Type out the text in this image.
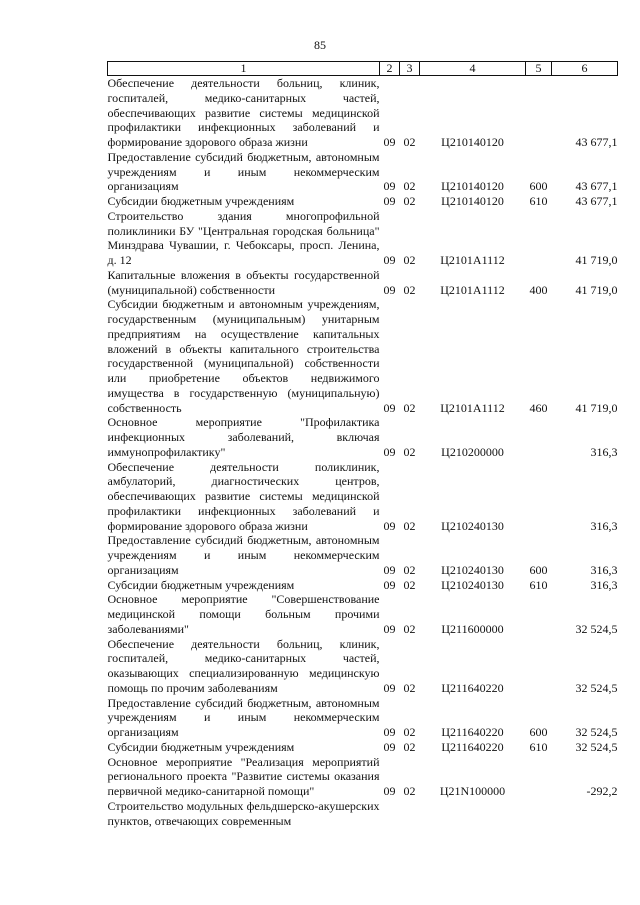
85
1	2	3	4	5	6
Обеспечение деятельности больниц, клиник, госпиталей, медико-санитарных частей, обеспечивающих развитие системы медицинской профилактики инфекционных заболеваний и формирование здорового образа жизни	09	02	Ц210140120		43 677,1
Предоставление субсидий бюджетным, автономным учреждениям и иным некоммерческим организациям	09	02	Ц210140120	600	43 677,1
Субсидии бюджетным учреждениям	09	02	Ц210140120	610	43 677,1
Строительство здания многопрофильной поликлиники БУ "Центральная городская больница" Минздрава Чувашии, г. Чебоксары, просп. Ленина, д. 12	09	02	Ц2101А1112		41 719,0
Капитальные вложения в объекты государственной (муниципальной) собственности	09	02	Ц2101А1112	400	41 719,0
Субсидии бюджетным и автономным учреждениям, государственным (муниципальным) унитарным предприятиям на осуществление капитальных вложений в объекты капитального строительства государственной (муниципальной) собственности или приобретение объектов недвижимого имущества в государственную (муниципальную) собственность	09	02	Ц2101А1112	460	41 719,0
Основное мероприятие "Профилактика инфекционных заболеваний, включая иммунопрофилактику"	09	02	Ц210200000		316,3
Обеспечение деятельности поликлиник, амбулаторий, диагностических центров, обеспечивающих развитие системы медицинской профилактики инфекционных заболеваний и формирование здорового образа жизни	09	02	Ц210240130		316,3
Предоставление субсидий бюджетным, автономным учреждениям и иным некоммерческим организациям	09	02	Ц210240130	600	316,3
Субсидии бюджетным учреждениям	09	02	Ц210240130	610	316,3
Основное мероприятие "Совершенствование медицинской помощи больным прочими заболеваниями"	09	02	Ц211600000		32 524,5
Обеспечение деятельности больниц, клиник, госпиталей, медико-санитарных частей, оказывающих специализированную медицинскую помощь по прочим заболеваниям	09	02	Ц211640220		32 524,5
Предоставление субсидий бюджетным, автономным учреждениям и иным некоммерческим организациям	09	02	Ц211640220	600	32 524,5
Субсидии бюджетным учреждениям	09	02	Ц211640220	610	32 524,5
Основное мероприятие "Реализация мероприятий регионального проекта "Развитие системы оказания первичной медико-санитарной помощи"	09	02	Ц21N100000		-292,2
Строительство модульных фельдшерско-акушерских пунктов, отвечающих современным					
